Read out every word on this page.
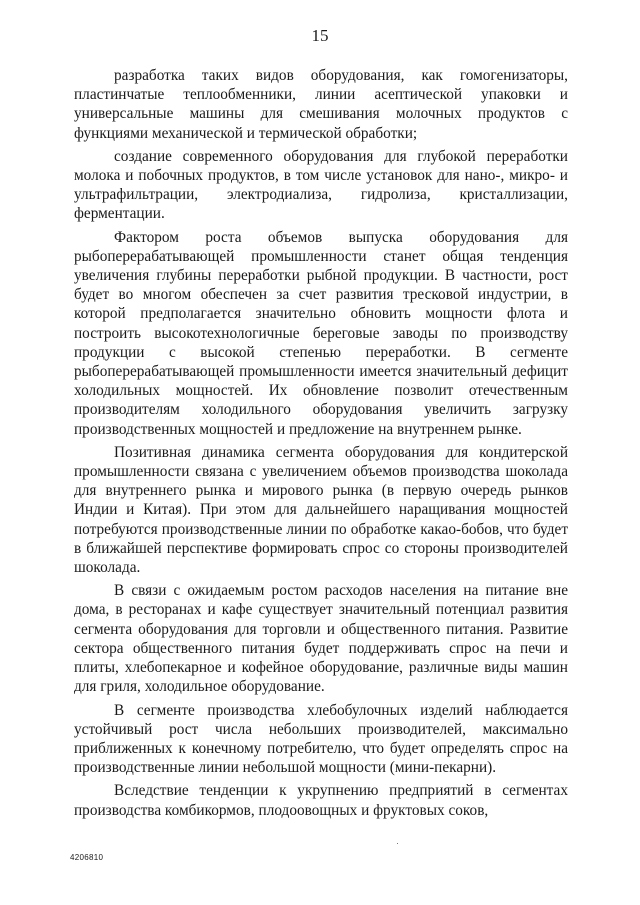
15

разработка таких видов оборудования, как гомогенизаторы, пластинчатые теплообменники, линии асептической упаковки и универсальные машины для смешивания молочных продуктов с функциями механической и термической обработки;

создание современного оборудования для глубокой переработки молока и побочных продуктов, в том числе установок для нано-, микро- и ультрафильтрации, электродиализа, гидролиза, кристаллизации, ферментации.

Фактором роста объемов выпуска оборудования для рыбоперерабатывающей промышленности станет общая тенденция увеличения глубины переработки рыбной продукции. В частности, рост будет во многом обеспечен за счет развития тресковой индустрии, в которой предполагается значительно обновить мощности флота и построить высокотехнологичные береговые заводы по производству продукции с высокой степенью переработки. В сегменте рыбоперерабатывающей промышленности имеется значительный дефицит холодильных мощностей. Их обновление позволит отечественным производителям холодильного оборудования увеличить загрузку производственных мощностей и предложение на внутреннем рынке.

Позитивная динамика сегмента оборудования для кондитерской промышленности связана с увеличением объемов производства шоколада для внутреннего рынка и мирового рынка (в первую очередь рынков Индии и Китая). При этом для дальнейшего наращивания мощностей потребуются производственные линии по обработке какао-бобов, что будет в ближайшей перспективе формировать спрос со стороны производителей шоколада.

В связи с ожидаемым ростом расходов населения на питание вне дома, в ресторанах и кафе существует значительный потенциал развития сегмента оборудования для торговли и общественного питания. Развитие сектора общественного питания будет поддерживать спрос на печи и плиты, хлебопекарное и кофейное оборудование, различные виды машин для гриля, холодильное оборудование.

В сегменте производства хлебобулочных изделий наблюдается устойчивый рост числа небольших производителей, максимально приближенных к конечному потребителю, что будет определять спрос на производственные линии небольшой мощности (мини-пекарни).

Вследствие тенденции к укрупнению предприятий в сегментах производства комбикормов, плодоовощных и фруктовых соков,

4206810
